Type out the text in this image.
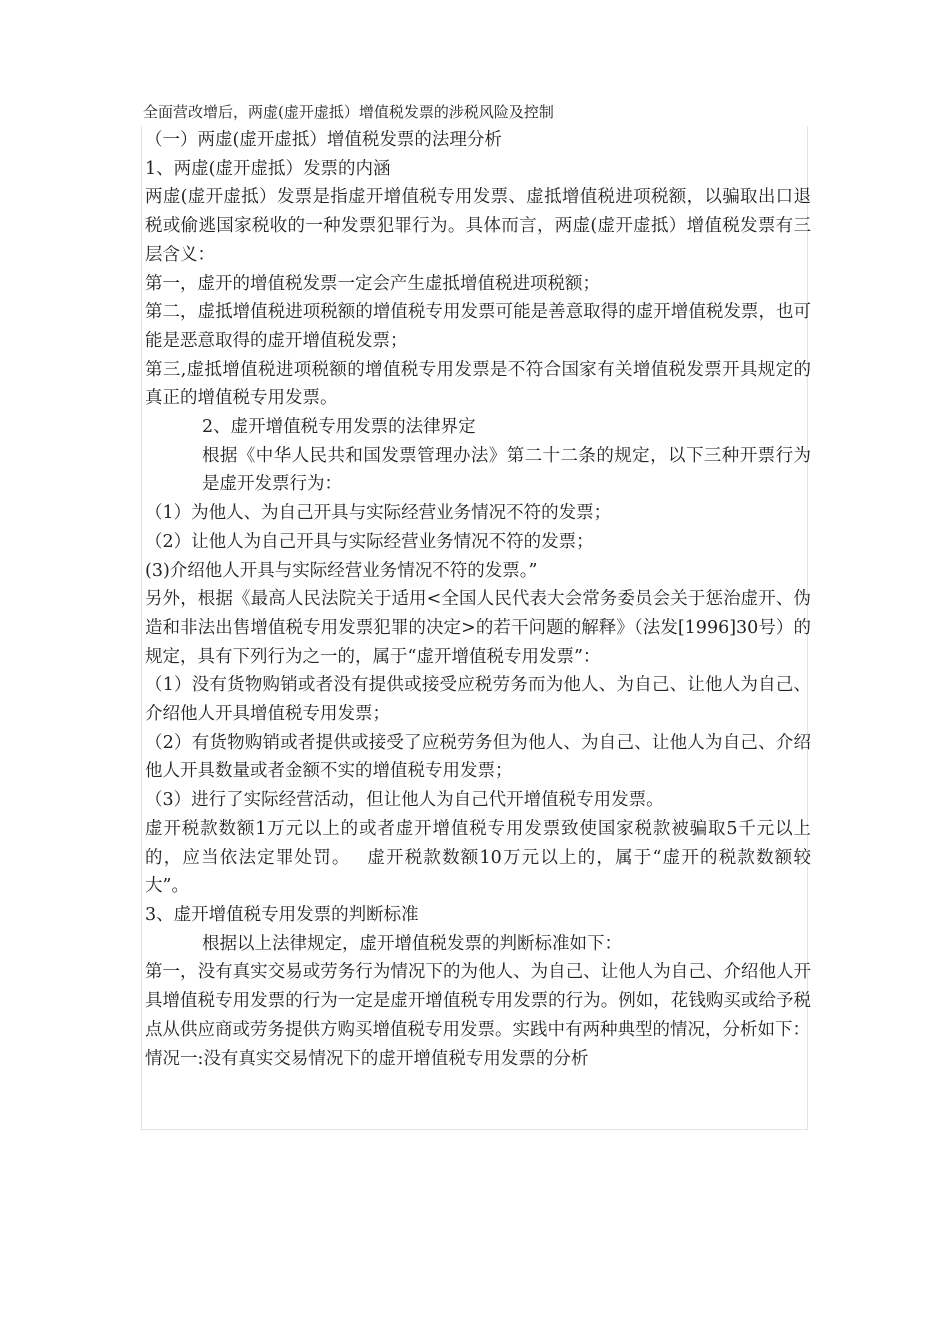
全面营改增后，两虚(虚开虚抵）增值税发票的涉税风险及控制

（一）两虚(虚开虚抵）增值税发票的法理分析

1、两虚(虚开虚抵）发票的内涵

两虚(虚开虚抵）发票是指虚开增值税专用发票、虚抵增值税进项税额，以骗取出口退税或偷逃国家税收的一种发票犯罪行为。具体而言，两虚(虚开虚抵）增值税发票有三层含义：

第一，虚开的增值税发票一定会产生虚抵增值税进项税额；

第二，虚抵增值税进项税额的增值税专用发票可能是善意取得的虚开增值税发票，也可能是恶意取得的虚开增值税发票；

第三,虚抵增值税进项税额的增值税专用发票是不符合国家有关增值税发票开具规定的真正的增值税专用发票。

2、虚开增值税专用发票的法律界定

根据《中华人民共和国发票管理办法》第二十二条的规定，以下三种开票行为是虚开发票行为：

（1）为他人、为自己开具与实际经营业务情况不符的发票；

（2）让他人为自己开具与实际经营业务情况不符的发票；

(3)介绍他人开具与实际经营业务情况不符的发票。”

另外，根据《最高人民法院关于适用<全国人民代表大会常务委员会关于惩治虚开、伪造和非法出售增值税专用发票犯罪的决定>的若干问题的解释》（法发[1996]30号）的规定，具有下列行为之一的，属于“虚开增值税专用发票”：

（1）没有货物购销或者没有提供或接受应税劳务而为他人、为自己、让他人为自己、介绍他人开具增值税专用发票；

（2）有货物购销或者提供或接受了应税劳务但为他人、为自己、让他人为自己、介绍他人开具数量或者金额不实的增值税专用发票；

（3）进行了实际经营活动，但让他人为自己代开增值税专用发票。

虚开税款数额1万元以上的或者虚开增值税专用发票致使国家税款被骗取5千元以上的，应当依法定罪处罚。　 虚开税款数额10万元以上的，属于“虚开的税款数额较大”。

3、虚开增值税专用发票的判断标准

根据以上法律规定，虚开增值税发票的判断标准如下：

第一，没有真实交易或劳务行为情况下的为他人、为自己、让他人为自己、介绍他人开具增值税专用发票的行为一定是虚开增值税专用发票的行为。例如，花钱购买或给予税点从供应商或劳务提供方购买增值税专用发票。实践中有两种典型的情况，分析如下：

情况一:没有真实交易情况下的虚开增值税专用发票的分析
